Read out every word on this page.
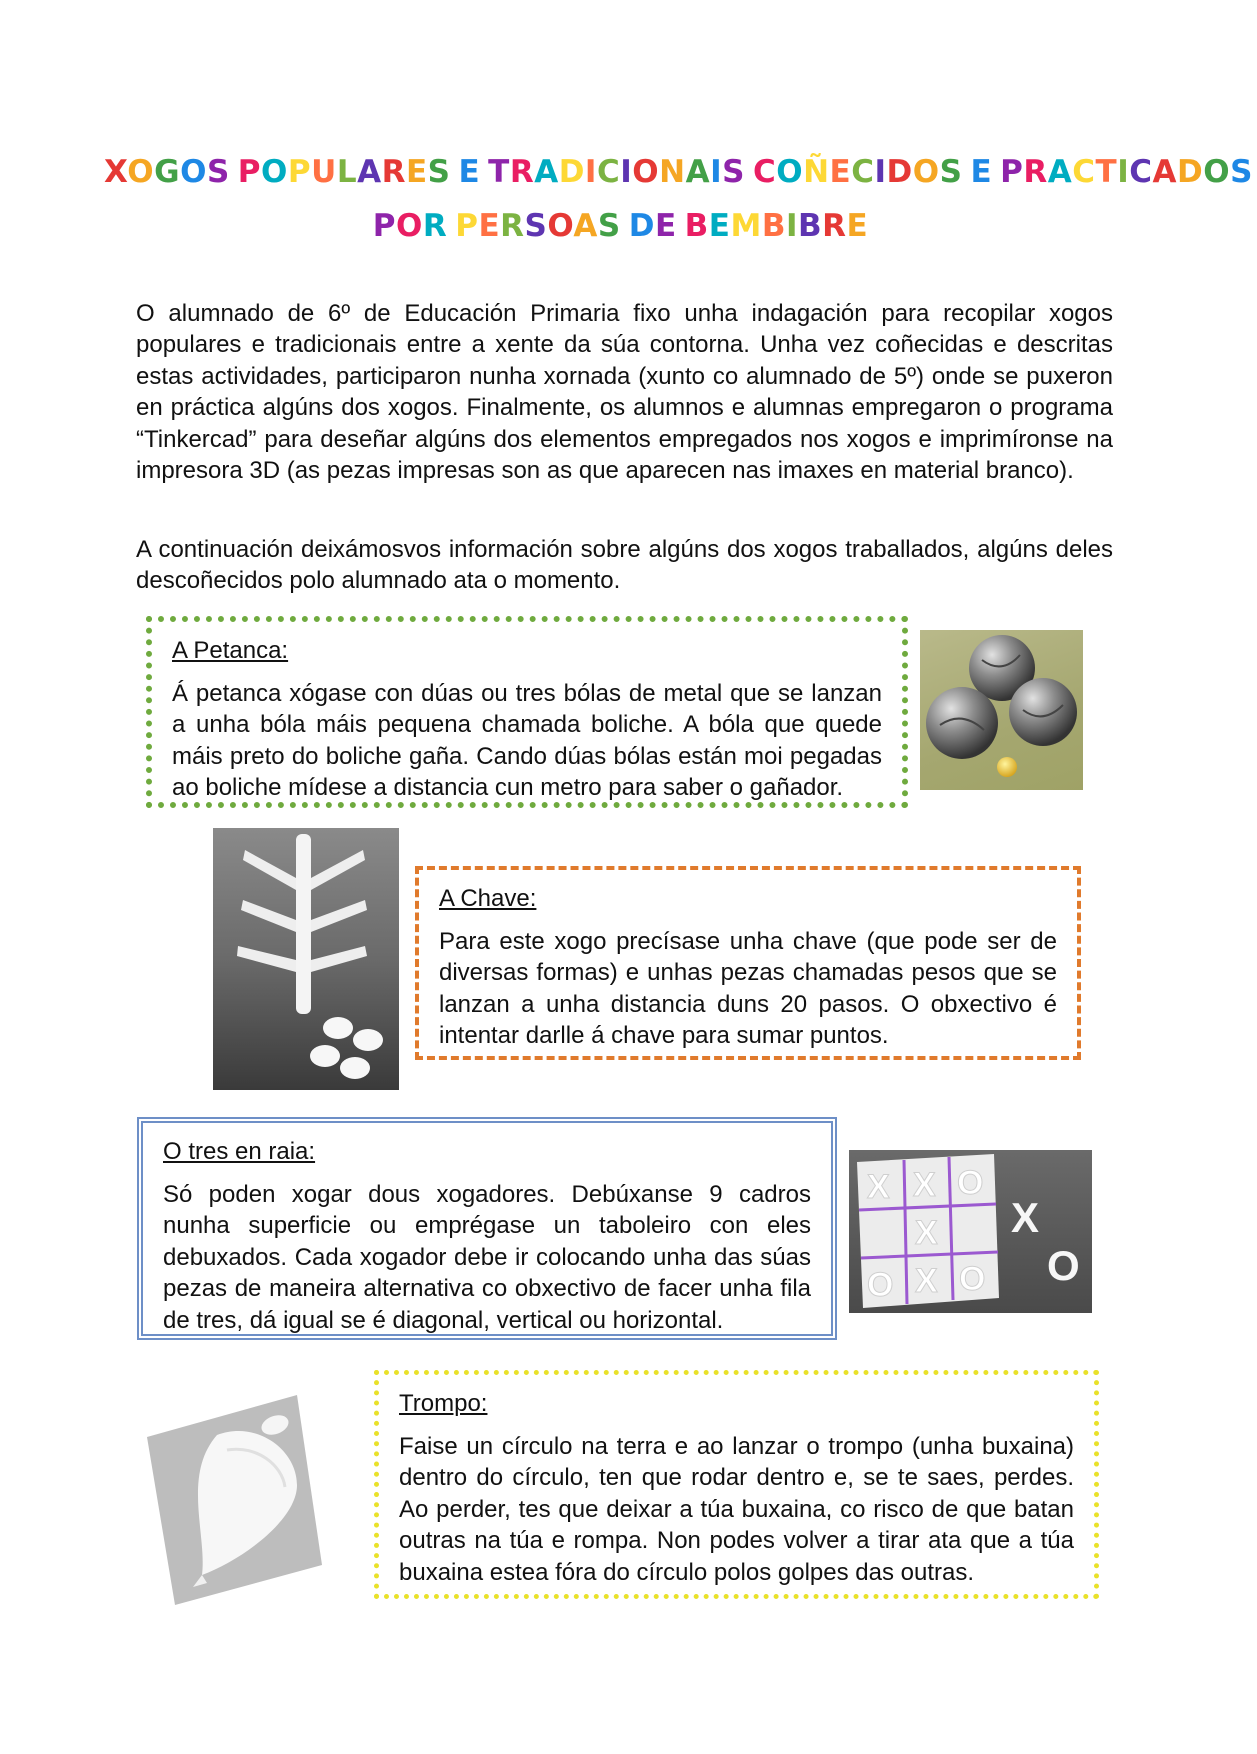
XOGOS POPULARES E TRADICIONAIS COÑECIDOS E PRACTICADOS
POR PERSOAS DE BEMBIBRE

O alumnado de 6º de Educación Primaria fixo unha indagación para recopilar xogos populares e tradicionais entre a xente da súa contorna. Unha vez coñecidas e descritas estas actividades, participaron nunha xornada (xunto co alumnado de 5º) onde se puxeron en práctica algúns dos xogos. Finalmente, os alumnos e alumnas empregaron o programa “Tinkercad” para deseñar algúns dos elementos empregados nos xogos e imprimíronse na impresora 3D (as pezas impresas son as que aparecen nas imaxes en material branco).

A continuación deixámosvos información sobre algúns dos xogos traballados, algúns deles descoñecidos polo alumnado ata o momento.

A Petanca:

Á petanca xógase con dúas ou tres bólas de metal que se lanzan a unha bóla máis pequena chamada boliche. A bóla que quede máis preto do boliche gaña. Cando dúas bólas están moi pegadas ao boliche mídese a distancia cun metro para saber o gañador.

A Chave:

Para este xogo precísase unha chave (que pode ser de diversas formas) e unhas pezas chamadas pesos que se lanzan a unha distancia duns 20 pasos. O obxectivo é intentar darlle á chave para sumar puntos.

O tres en raia:

Só poden xogar dous xogadores. Debúxanse 9 cadros nunha superficie ou emprégase un taboleiro con eles debuxados. Cada xogador debe ir colocando unha das súas pezas de maneira alternativa co obxectivo de facer unha fila de tres, dá igual se é diagonal, vertical ou horizontal.

X X O
X
O X O
X
O
Trompo:

Faise un círculo na terra e ao lanzar o trompo (unha buxaina) dentro do círculo, ten que rodar dentro e, se te saes, perdes. Ao perder, tes que deixar a túa buxaina, co risco de que batan outras na túa e rompa. Non podes volver a tirar ata que a túa buxaina estea fóra do círculo polos golpes das outras.
